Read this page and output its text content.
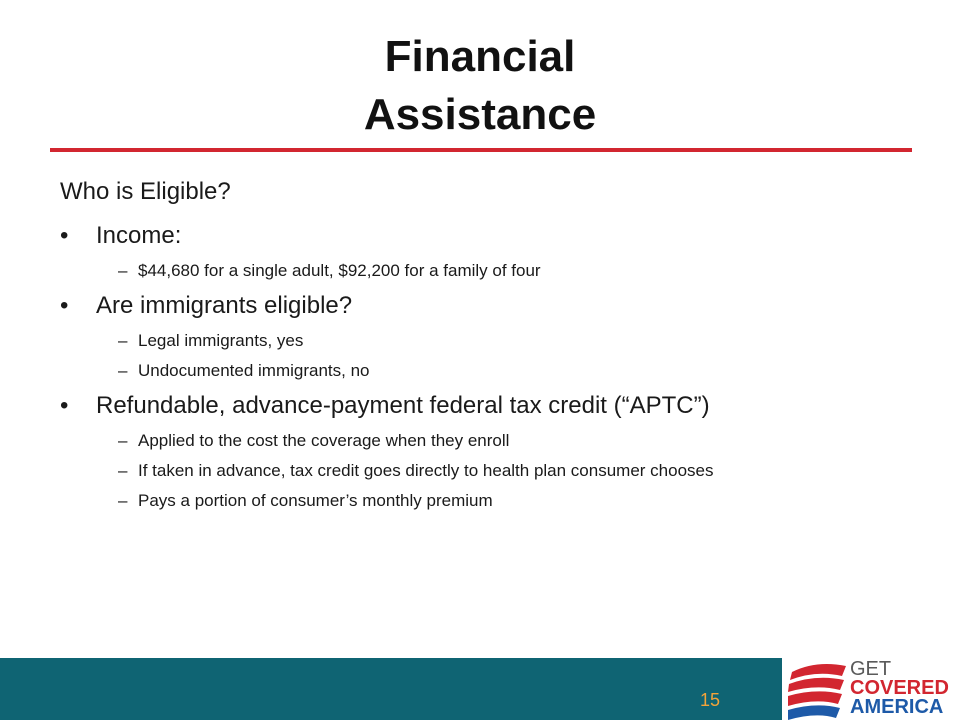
Financial
Assistance
Who is Eligible?
• Income:
– $44,680 for a single adult, $92,200 for a family of four
• Are immigrants eligible?
– Legal immigrants, yes
– Undocumented immigrants, no
• Refundable, advance-payment federal tax credit (“APTC”)
– Applied to the cost the coverage when they enroll
– If taken in advance, tax credit goes directly to health plan consumer chooses
– Pays a portion of consumer’s monthly premium
15
GET
COVERED
AMERICA
